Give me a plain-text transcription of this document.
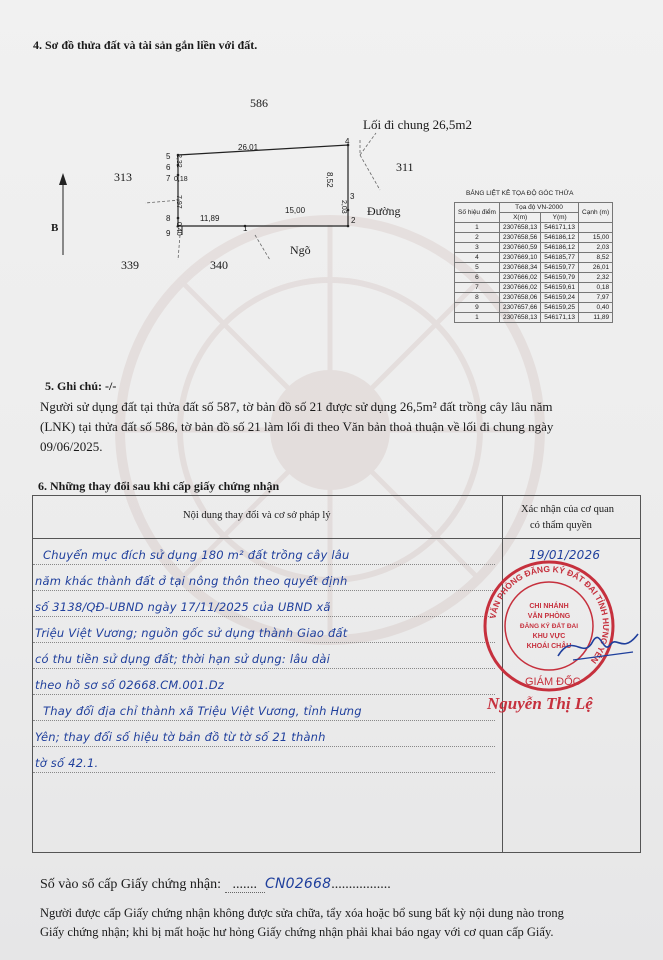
4. Sơ đồ thửa đất và tài sản gắn liền với đất.
586
313
311
339	340
B
Lối đi chung 26,5m2
Đường
Ngõ
1
2
3
4
5
6
7
8
9
26,01
15,00
11,89
8,52
2,03
2,32
0,18
7,97
0,40
BẢNG LIỆT KÊ TỌA ĐỘ GÓC THỬA
Số hiệu điểm	Tọa độ VN-2000		Cạnh (m)
	X(m)	Y(m)	
1	2307658,13	546171,13	
2	2307658,56	546186,12	15,00
3	2307660,59	546186,12	2,03
4	2307669,10	546185,77	8,52
5	2307668,34	546159,77	26,01
6	2307666,02	546159,79	2,32
7	2307666,02	546159,61	0,18
8	2307658,06	546159,24	7,97
9	2307657,66	546159,25	0,40
1	2307658,13	546171,13	11,89
5. Ghi chú: -/-
Người sử dụng đất tại thửa đất số 587, tờ bản đồ số 21 được sử dụng 26,5m² đất trồng cây lâu năm
(LNK) tại thửa đất số 586, tờ bản đồ số 21 làm lối đi theo Văn bản thoả thuận về lối đi chung ngày
09/06/2025.
6. Những thay đổi sau khi cấp giấy chứng nhận
Nội dung thay đổi và cơ sở pháp lý
Xác nhận của cơ quan
có thẩm quyền
Chuyển mục đích sử dụng 180 m² đất trồng cây lâu
năm khác thành đất ở tại nông thôn theo quyết định
số 3138/QĐ-UBND ngày 17/11/2025 của UBND xã
Triệu Việt Vương; nguồn gốc sử dụng thành Giao đất
có thu tiền sử dụng đất; thời hạn sử dụng: lâu dài
theo hồ sơ số 02668.CM.001.Dz
Thay đổi địa chỉ thành xã Triệu Việt Vương, tỉnh Hưng
Yên; thay đổi số hiệu tờ bản đồ từ tờ số 21 thành
tờ số 42.1.
19/01/2026
VĂN PHÒNG ĐĂNG KÝ ĐẤT ĐAI TỈNH HƯNG YÊN
CHI NHÁNH
VĂN PHÒNG
ĐĂNG KÝ ĐẤT ĐAI
KHU VỰC
KHOÁI CHÂU
GIÁM ĐỐC
Nguyễn Thị Lệ
Số vào sổ cấp Giấy chứng nhận: ....... CN02668.................
Người được cấp Giấy chứng nhận không được sửa chữa, tẩy xóa hoặc bổ sung bất kỳ nội dung nào trong
Giấy chứng nhận; khi bị mất hoặc hư hỏng Giấy chứng nhận phải khai báo ngay với cơ quan cấp Giấy.
